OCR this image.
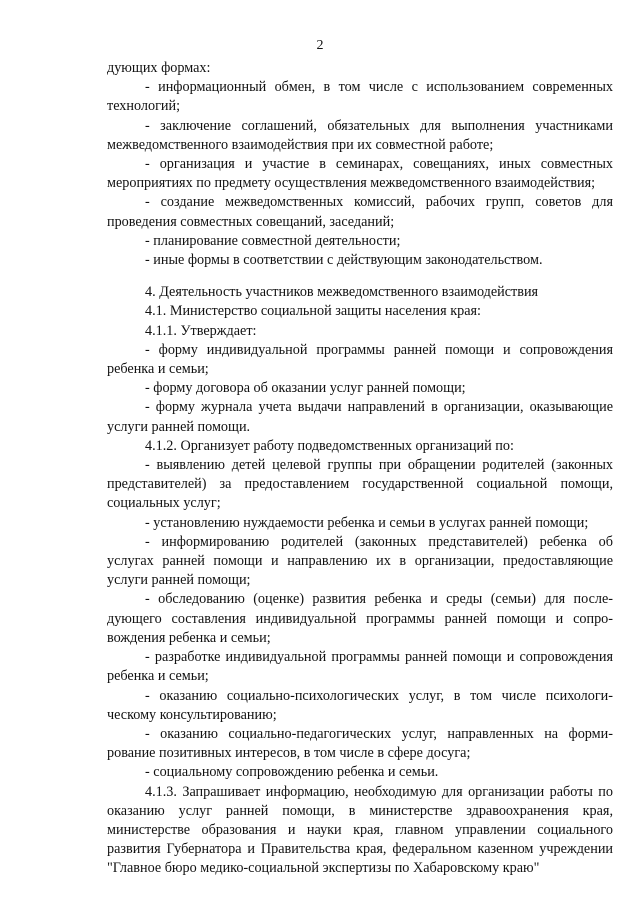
2

дующих формах:

- информационный обмен, в том числе с использованием современных технологий;

- заключение соглашений, обязательных для выполнения участниками межведомственного взаимодействия при их совместной работе;

- организация и участие в семинарах, совещаниях, иных совместных мероприятиях по предмету осуществления межведомственного взаимодействия;

- создание межведомственных комиссий, рабочих групп, советов для проведения совместных совещаний, заседаний;

- планирование совместной деятельности;

- иные формы в соответствии с действующим законодательством.

4. Деятельность участников межведомственного взаимодействия

4.1. Министерство социальной защиты населения края:

4.1.1. Утверждает:

- форму индивидуальной программы ранней помощи и сопровождения ребенка и семьи;

- форму договора об оказании услуг ранней помощи;

- форму журнала учета выдачи направлений в организации, оказывающие услуги ранней помощи.

4.1.2. Организует работу подведомственных организаций по:

- выявлению детей целевой группы при обращении родителей (законных представителей) за предоставлением государственной социальной помощи, социальных услуг;

- установлению нуждаемости ребенка и семьи в услугах ранней помощи;

- информированию родителей (законных представителей) ребенка об услугах ранней помощи и направлению их в организации, предоставляющие услуги ранней помощи;

- обследованию (оценке) развития ребенка и среды (семьи) для последующего составления индивидуальной программы ранней помощи и сопровождения ребенка и семьи;

- разработке индивидуальной программы ранней помощи и сопровождения ребенка и семьи;

- оказанию социально-психологических услуг, в том числе психологическому консультированию;

- оказанию социально-педагогических услуг, направленных на формирование позитивных интересов, в том числе в сфере досуга;

- социальному сопровождению ребенка и семьи.

4.1.3. Запрашивает информацию, необходимую для организации работы по оказанию услуг ранней помощи, в министерстве здравоохранения края, министерстве образования и науки края, главном управлении социального развития Губернатора и Правительства края, федеральном казенном учреждении "Главное бюро медико-социальной экспертизы по Хабаровскому краю"
